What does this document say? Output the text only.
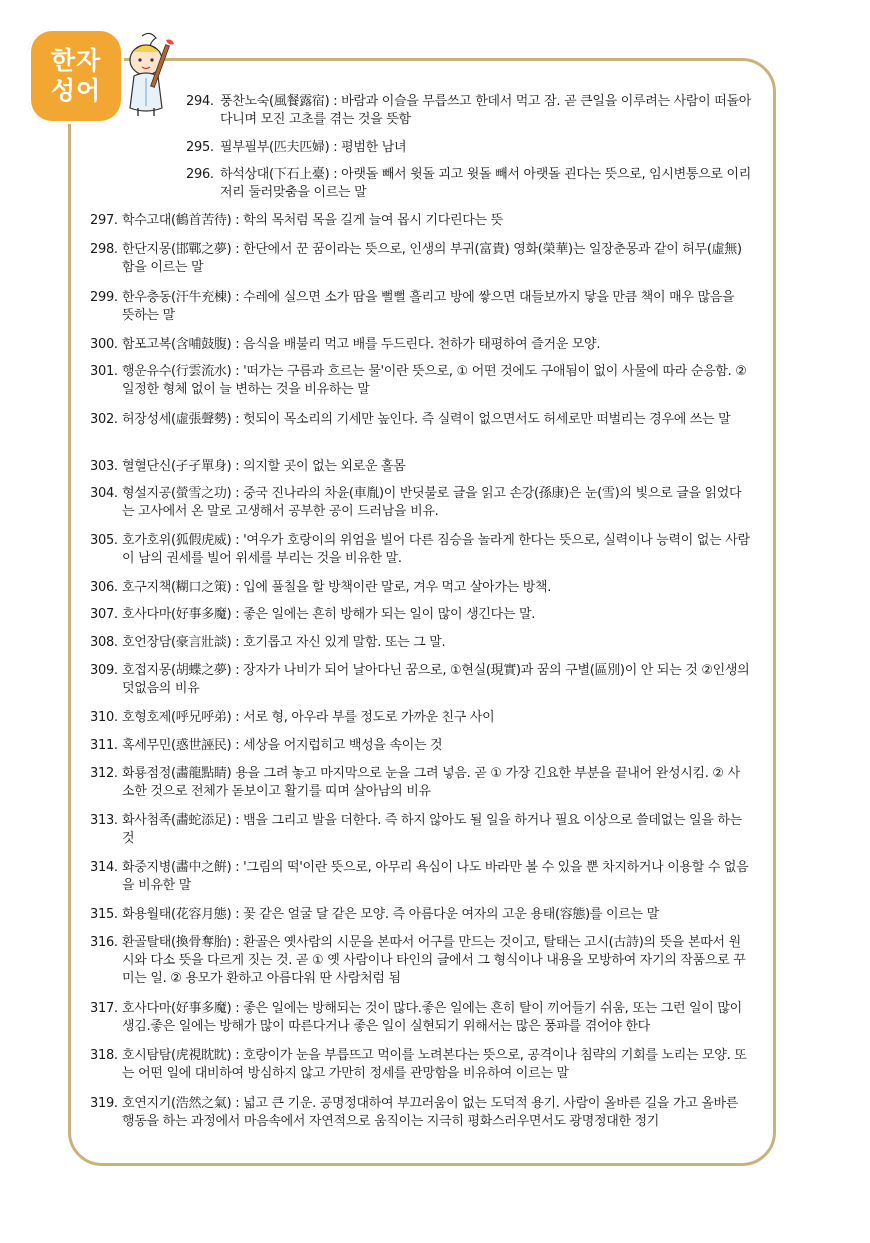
한자
성어	294. 풍찬노숙(風餐露宿) : 바람과 이슬을 무릅쓰고 한데서 먹고 잠. 곧 큰일을 이루려는 사람이 떠돌아다니며 모진 고초를 겪는 것을 뜻함
295. 필부필부(匹夫匹婦) : 평범한 남녀
296. 하석상대(下石上臺) : 아랫돌 빼서 윗돌 괴고 윗돌 빼서 아랫돌 괸다는 뜻으로, 임시변통으로 이리저리 둘러맞춤을 이르는 말
297. 학수고대(鶴首苦待) : 학의 목처럼 목을 길게 늘여 몹시 기다린다는 뜻
298. 한단지몽(邯鄲之夢) : 한단에서 꾼 꿈이라는 뜻으로, 인생의 부귀(富貴) 영화(榮華)는 일장춘몽과 같이 허무(虛無)함을 이르는 말
299. 한우충동(汗牛充棟) : 수레에 실으면 소가 땀을 뻘뻘 흘리고 방에 쌓으면 대들보까지 닿을 만큼 책이 매우 많음을 뜻하는 말
300. 함포고복(含哺鼓腹) : 음식을 배불리 먹고 배를 두드린다. 천하가 태평하여 즐거운 모양.
301. 행운유수(行雲流水) : '떠가는 구름과 흐르는 물'이란 뜻으로, ① 어떤 것에도 구애됨이 없이 사물에 따라 순응함. ② 일정한 형체 없이 늘 변하는 것을 비유하는 말
302. 허장성세(虛張聲勢) : 헛되이 목소리의 기세만 높인다. 즉 실력이 없으면서도 허세로만 떠벌리는 경우에 쓰는 말
303. 혈혈단신(孑孑單身) : 의지할 곳이 없는 외로운 홀몸
304. 형설지공(螢雪之功) : 중국 진나라의 차윤(車胤)이 반딧불로 글을 읽고 손강(孫康)은 눈(雪)의 빛으로 글을 읽었다는 고사에서 온 말로 고생해서 공부한 공이 드러남을 비유.
305. 호가호위(狐假虎威) : '여우가 호랑이의 위엄을 빌어 다른 짐승을 놀라게 한다는 뜻으로, 실력이나 능력이 없는 사람이 남의 권세를 빌어 위세를 부리는 것을 비유한 말.
306. 호구지책(糊口之策) : 입에 풀칠을 할 방책이란 말로, 겨우 먹고 살아가는 방책.
307. 호사다마(好事多魔) : 좋은 일에는 흔히 방해가 되는 일이 많이 생긴다는 말.
308. 호언장담(豪言壯談) : 호기롭고 자신 있게 말함. 또는 그 말.
309. 호접지몽(胡蝶之夢) : 장자가 나비가 되어 날아다닌 꿈으로, ①현실(現實)과 꿈의 구별(區別)이 안 되는 것 ②인생의 덧없음의 비유
310. 호형호제(呼兄呼弟) : 서로 형, 아우라 부를 정도로 가까운 친구 사이
311. 혹세무민(惑世誣民) : 세상을 어지럽히고 백성을 속이는 것
312. 화룡점정(畵龍點睛) 용을 그려 놓고 마지막으로 눈을 그려 넣음. 곧 ① 가장 긴요한 부분을 끝내어 완성시킴. ② 사소한 것으로 전체가 돋보이고 활기를 띠며 살아남의 비유
313. 화사첨족(畵蛇添足) : 뱀을 그리고 발을 더한다. 즉 하지 않아도 될 일을 하거나 필요 이상으로 쓸데없는 일을 하는 것
314. 화중지병(畵中之餠) : '그림의 떡'이란 뜻으로, 아무리 욕심이 나도 바라만 볼 수 있을 뿐 차지하거나 이용할 수 없음을 비유한 말
315. 화용월태(花容月態) : 꽃 같은 얼굴 달 같은 모양. 즉 아름다운 여자의 고운 용태(容態)를 이르는 말
316. 환골탈태(換骨奪胎) : 환골은 옛사람의 시문을 본따서 어구를 만드는 것이고, 탈태는 고시(古詩)의 뜻을 본따서 원시와 다소 뜻을 다르게 짓는 것. 곧 ① 옛 사람이나 타인의 글에서 그 형식이나 내용을 모방하여 자기의 작품으로 꾸미는 일. ② 용모가 환하고 아름다워 딴 사람처럼 됨
317. 호사다마(好事多魔) : 좋은 일에는 방해되는 것이 많다.좋은 일에는 흔히 탈이 끼어들기 쉬움, 또는 그런 일이 많이 생김.좋은 일에는 방해가 많이 따른다거나 좋은 일이 실현되기 위해서는 많은 풍파를 겪어야 한다
318. 호시탐탐(虎視眈眈) : 호랑이가 눈을 부릅뜨고 먹이를 노려본다는 뜻으로, 공격이나 침략의 기회를 노리는 모양. 또는 어떤 일에 대비하여 방심하지 않고 가만히 정세를 관망함을 비유하여 이르는 말
319. 호연지기(浩然之氣) : 넓고 큰 기운. 공명정대하여 부끄러움이 없는 도덕적 용기. 사람이 올바른 길을 가고 올바른 행동을 하는 과정에서 마음속에서 자연적으로 움직이는 지극히 평화스러우면서도 광명정대한 정기
